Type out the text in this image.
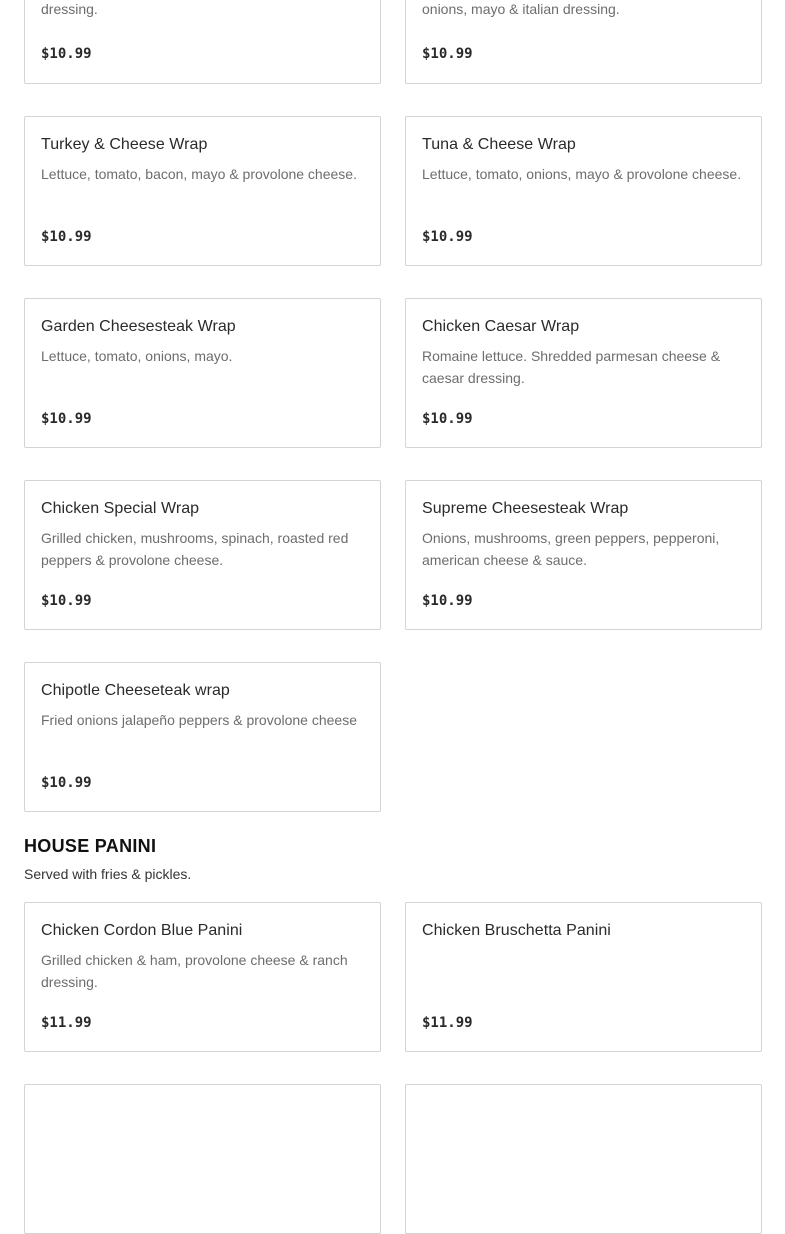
dressing.
$10.99
onions, mayo & italian dressing.
$10.99
Turkey & Cheese Wrap
Lettuce, tomato, bacon, mayo & provolone cheese.
$10.99
Tuna & Cheese Wrap
Lettuce, tomato, onions, mayo & provolone cheese.
$10.99
Garden Cheesesteak Wrap
Lettuce, tomato, onions, mayo.
$10.99
Chicken Caesar Wrap
Romaine lettuce. Shredded parmesan cheese & caesar dressing.
$10.99
Chicken Special Wrap
Grilled chicken, mushrooms, spinach, roasted red peppers & provolone cheese.
$10.99
Supreme Cheesesteak Wrap
Onions, mushrooms, green peppers, pepperoni, american cheese & sauce.
$10.99
Chipotle Cheeseteak wrap
Fried onions jalapeño peppers & provolone cheese
$10.99
HOUSE PANINI
Served with fries & pickles.
Chicken Cordon Blue Panini
Grilled chicken & ham, provolone cheese & ranch dressing.
$11.99
Chicken Bruschetta Panini
$11.99
